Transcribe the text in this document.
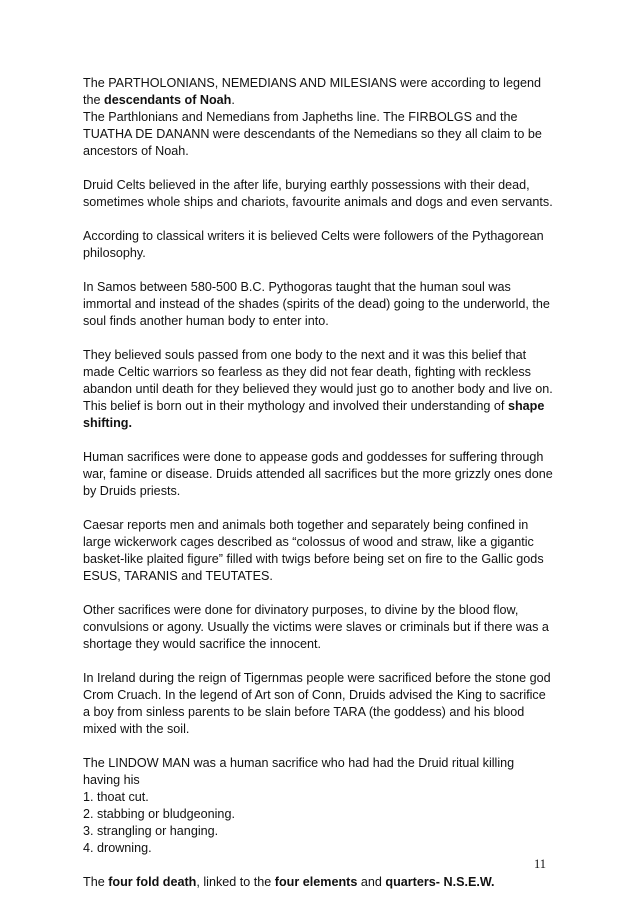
The PARTHOLONIANS, NEMEDIANS AND MILESIANS were according to legend the descendants of Noah.
The Parthlonians and Nemedians from Japheths line. The FIRBOLGS and the TUATHA DE DANANN were descendants of the Nemedians so they all claim to be ancestors of Noah.

Druid Celts believed in the after life, burying earthly possessions with their dead, sometimes whole ships and chariots, favourite animals and dogs and even servants.

According to classical writers it is believed Celts were followers of the Pythagorean philosophy.

In Samos between 580-500 B.C. Pythogoras taught that the human soul was immortal and instead of the shades (spirits of the dead) going to the underworld, the soul finds another human body to enter into.

They believed souls passed from one body to the next and it was this belief that made Celtic warriors so fearless as they did not fear death, fighting with reckless abandon until death for they believed they would just go to another body and live on. This belief is born out in their mythology and involved their understanding of shape shifting.

Human sacrifices were done to appease gods and goddesses for suffering through war, famine or disease. Druids attended all sacrifices but the more grizzly ones done by Druids priests.

Caesar reports men and animals both together and separately being confined in large wickerwork cages described as “colossus of wood and straw, like a gigantic basket-like plaited figure” filled with twigs before being set on fire to the Gallic gods ESUS, TARANIS and TEUTATES.

Other sacrifices were done for divinatory purposes, to divine by the blood flow, convulsions or agony. Usually the victims were slaves or criminals but if there was a shortage they would sacrifice the innocent.

In Ireland during the reign of Tigernmas people were sacrificed before the stone god Crom Cruach. In the legend of Art son of Conn, Druids advised the King to sacrifice a boy from sinless parents to be slain before TARA (the goddess) and his blood mixed with the soil.

The LINDOW MAN was a human sacrifice who had had the Druid ritual killing having his
1. thoat cut.
2. stabbing or bludgeoning.
3. strangling or hanging.
4. drowning.

The four fold death, linked to the four elements and quarters- N.S.E.W.

11
